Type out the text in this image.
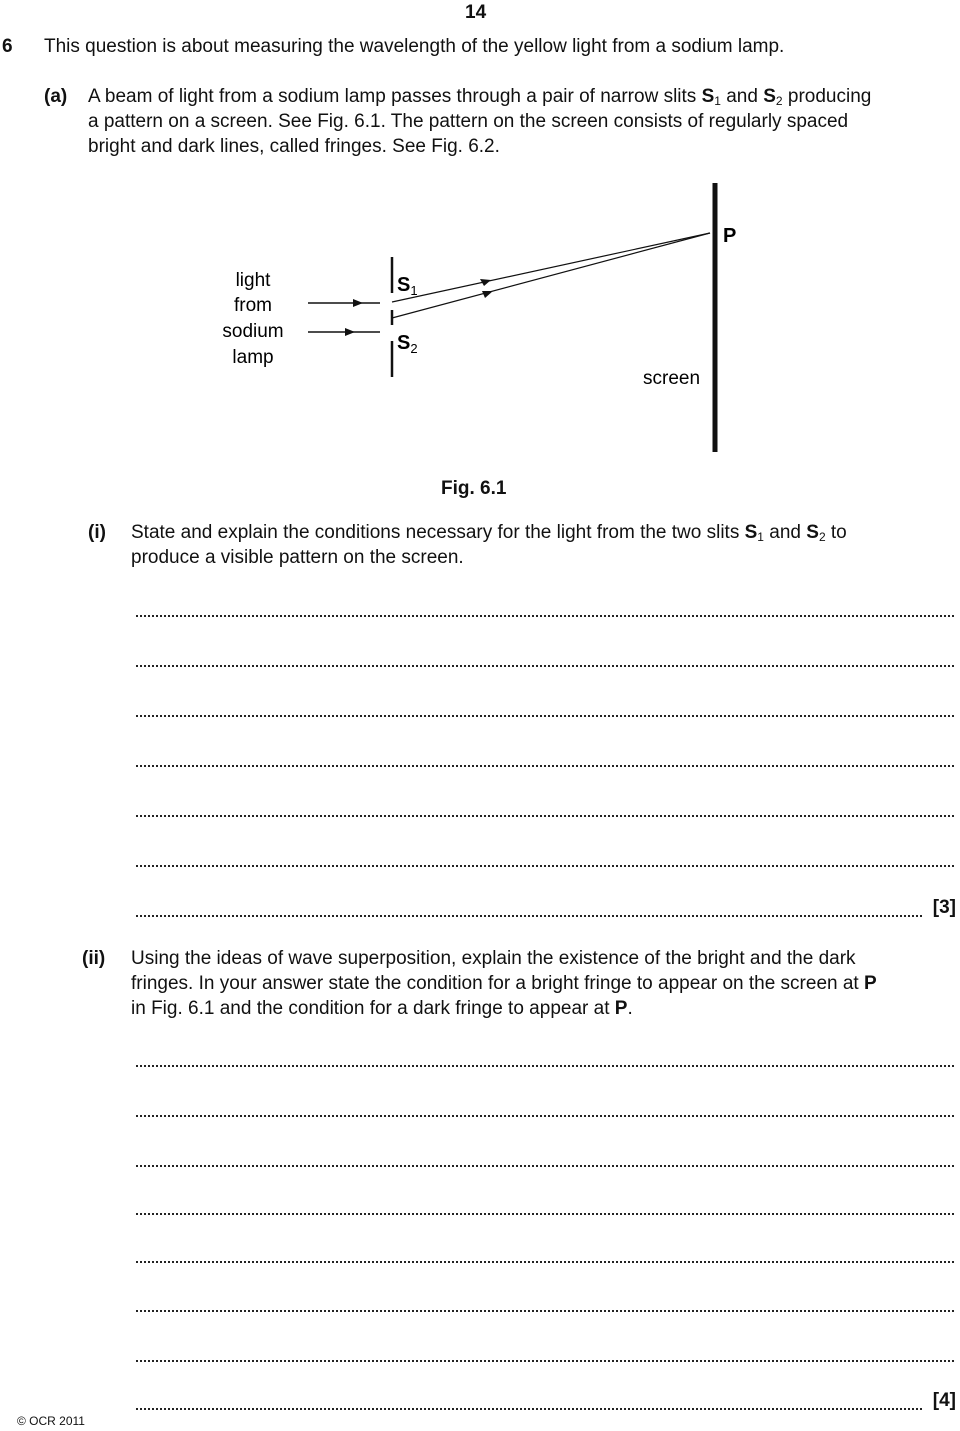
14
6 This question is about measuring the wavelength of the yellow light from a sodium lamp.
(a) A beam of light from a sodium lamp passes through a pair of narrow slits $S_1$ and $S_2$ producing
a pattern on a screen. See Fig. 6.1. The pattern on the screen consists of regularly spaced
bright and dark lines, called fringes. See Fig. 6.2.
light
from
sodium
lamp
$S_1$
$S_2$
P
screen
Fig. 6.1
(i) State and explain the conditions necessary for the light from the two slits $S_1$ and $S_2$ to
produce a visible pattern on the screen.
[3]
(ii) Using the ideas of wave superposition, explain the existence of the bright and the dark
fringes. In your answer state the condition for a bright fringe to appear on the screen at P
in Fig. 6.1 and the condition for a dark fringe to appear at P.
[4]
© OCR 2011
